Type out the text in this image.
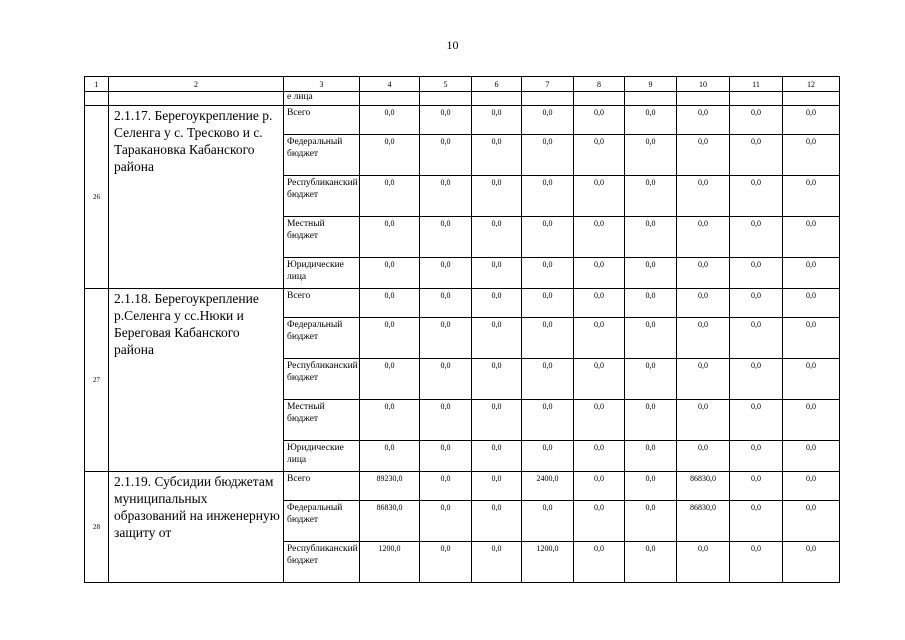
10
1	2	3	4	5	6	7	8	9	10	11	12
		е лица									
26	2.1.17. Берегоукрепление р. Селенга у с. Тресково и с. Таракановка Кабанского района	Всего	0,0	0,0	0,0	0,0	0,0	0,0	0,0	0,0	0,0
		Федеральный бюджет	0,0	0,0	0,0	0,0	0,0	0,0	0,0	0,0	0,0
		Республиканский бюджет	0,0	0,0	0,0	0,0	0,0	0,0	0,0	0,0	0,0
		Местный бюджет	0,0	0,0	0,0	0,0	0,0	0,0	0,0	0,0	0,0
		Юридические лица	0,0	0,0	0,0	0,0	0,0	0,0	0,0	0,0	0,0
27	2.1.18. Берегоукрепление р.Селенга у сс.Нюки и Береговая Кабанского района	Всего	0,0	0,0	0,0	0,0	0,0	0,0	0,0	0,0	0,0
		Федеральный бюджет	0,0	0,0	0,0	0,0	0,0	0,0	0,0	0,0	0,0
		Республиканский бюджет	0,0	0,0	0,0	0,0	0,0	0,0	0,0	0,0	0,0
		Местный бюджет	0,0	0,0	0,0	0,0	0,0	0,0	0,0	0,0	0,0
		Юридические лица	0,0	0,0	0,0	0,0	0,0	0,0	0,0	0,0	0,0
28	2.1.19. Субсидии бюджетам муниципальных образований на инженерную защиту от	Всего	89230,0	0,0	0,0	2400,0	0,0	0,0	86830,0	0,0	0,0
		Федеральный бюджет	86830,0	0,0	0,0	0,0	0,0	0,0	86830,0	0,0	0,0
		Республиканский бюджет	1200,0	0,0	0,0	1200,0	0,0	0,0	0,0	0,0	0,0
